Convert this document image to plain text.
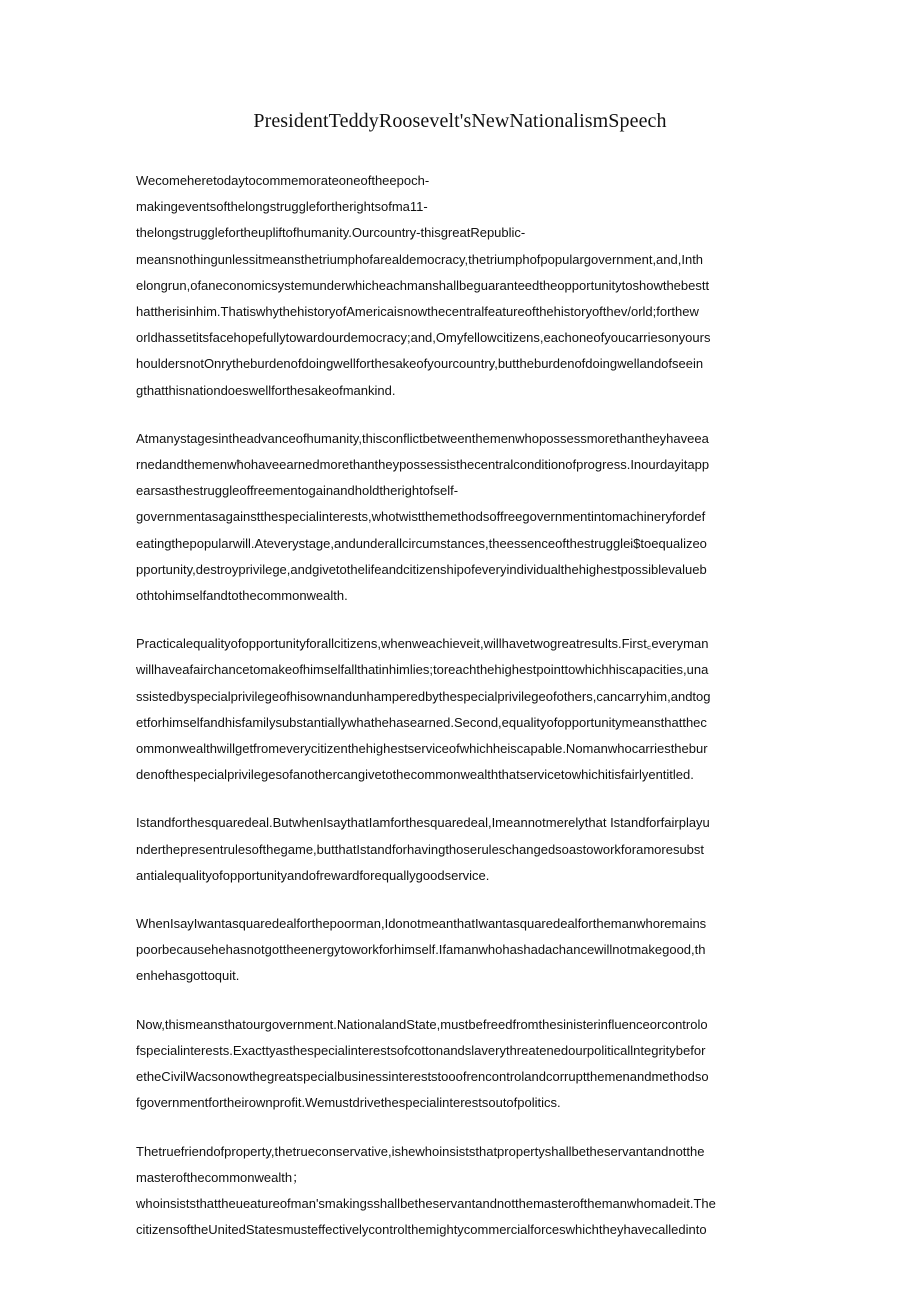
PresidentTeddyRoosevelt'sNewNationalismSpeech

Wecomeheretodaytocommemorateoneoftheepoch-
makingeventsofthelongstrugglefortherightsofma11-
thelongstrugglefortheupliftofhumanity.Ourcountry-thisgreatRepublic-
meansnothingunlessitmeansthetriumphofarealdemocracy,thetriumphofpopulargovernment,and,Inth
elongrun,ofaneconomicsystemunderwhicheachmanshallbeguaranteedtheopportunitytoshowthebestt
hattherisinhim.ThatiswhythehistoryofAmericaisnowthecentralfeatureofthehistoryofthev/orld;forthew
orldhassetitsfacehopefullytowardourdemocracy;and,Omyfellowcitizens,eachoneofyoucarriesonyours
houldersnotOnrytheburdenofdoingwellforthesakeofyourcountry,buttheburdenofdoingwellandofseein
gthatthisnationdoeswellforthesakeofmankind.

Atmanystagesintheadvanceofhumanity,thisconflictbetweenthemenwhopossessmorethantheyhaveea
rnedandthemenwħohaveearnedmorethantheypossessisthecentralconditionofprogress.Inourdayitapp
earsasthestruggleoffreementogainandholdtherightofself-
governmentasagainstthespecialinterests,whotwistthemethodsoffreegovernmentintomachineryfordef
eatingthepopularwill.Ateverystage,andunderallcircumstances,theessenceofthestrugglei$toequalizeo
pportunity,destroyprivilege,andgivetothelifeandcitizenshipofeveryindividualthehighestpossiblevalueb
othtohimselfandtothecommonwealth.

Practicalequalityofopportunityforallcitizens,whenweachieveit,willhavetwogreatresults.First꜀everyman
willhaveafairchancetomakeofhimselfallthatinhimlies;toreachthehighestpointtowhichhiscapacities,una
ssistedbyspecialprivilegeofhisownandunhamperedbythespecialprivilegeofothers,cancarryhim,andtog
etforhimselfandhisfamilysubstantiallywhathehasearned.Second,equalityofopportunitymeansthatthec
ommonwealthwillgetfromeverycitizenthehighestserviceofwhichheiscapable.Nomanwhocarriesthebur
denofthespecialprivilegesofanothercangivetothecommonwealththatservicetowhichitisfairlyentitled.

Istandforthesquaredeal.ButwhenIsaythatIamforthesquaredeal,Imeannotmerelythat Istandforfairplayu
nderthepresentrulesofthegame,butthatIstandforhavingthoseruleschangedsoastoworkforamoresubst
antialequalityofopportunityandofrewardforequallygoodservice.

WhenIsayIwantasquaredealforthepoorman,IdonotmeanthatIwantasquaredealforthemanwhoremains
poorbecausehehasnotgottheenergytoworkforhimself.Ifamanwhohashadachancewillnotmakegood,th
enhehasgottoquit.

Now,thismeansthatourgovernment.NationalandState,mustbefreedfromthesinisterinfluenceorcontrolo
fspecialinterests.Exacttyasthespecialinterestsofcottonandslaverythreatenedourpoliticallntegritybefor
etheCivilWacsonowthegreatspecialbusinessintereststooofrencontrolandcorruptthemenandmethodso
fgovernmentfortheirownprofit.Wemustdrivethespecialinterestsoutofpolitics.

Thetruefriendofproperty,thetrueconservative,ishewhoinsiststhatpropertyshallbetheservantandnotthe
masterofthecommonwealth；
whoinsiststhattheueatureofman'smakingsshallbetheservantandnotthemasterofthemanwhomadeit.The
citizensoftheUnitedStatesmusteffectivelycontrolthemightycommercialforceswhichtheyhavecalledinto
